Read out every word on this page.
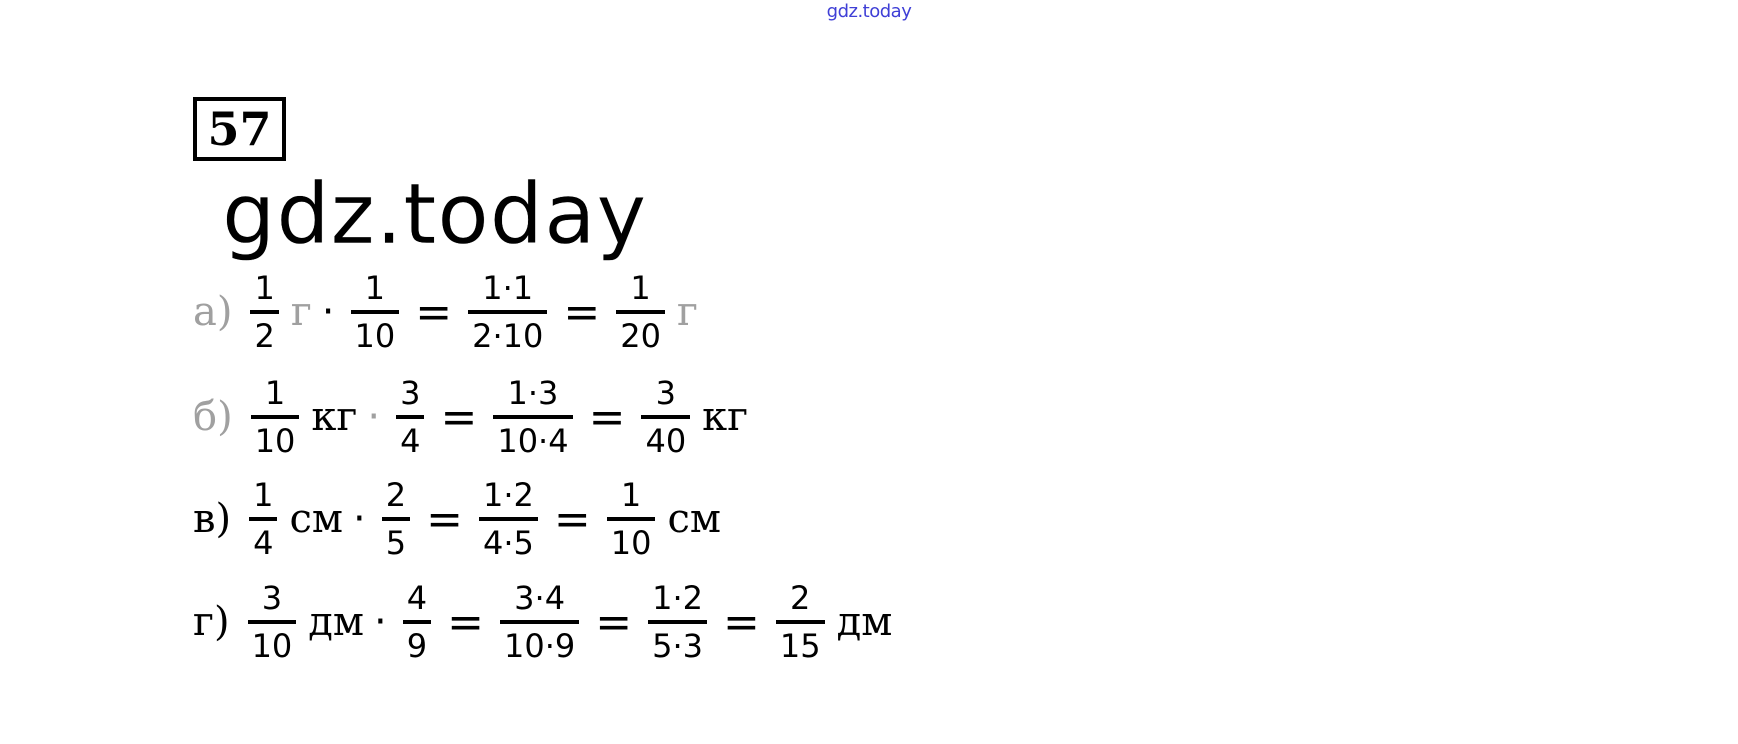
gdz.today
57
gdz.today
$а) \frac{1}{2}$ $г \cdot \frac{1}{10} = \frac{1\cdot 1}{2\cdot 10} = \frac{1}{20}$ г
$б) \frac{1}{10}$ кг · $\frac{3}{4} = \frac{1\cdot 3}{10\cdot 4} = \frac{3}{40}$ кг
$в) \frac{1}{4}$ см · $\frac{2}{5} = \frac{1\cdot 2}{4\cdot 5} = \frac{1}{10}$ см
$г) \frac{3}{10}$ дм · $\frac{4}{9} = \frac{3\cdot 4}{10\cdot 9} = \frac{1\cdot 2}{5\cdot 3} = \frac{2}{15}$ дм
